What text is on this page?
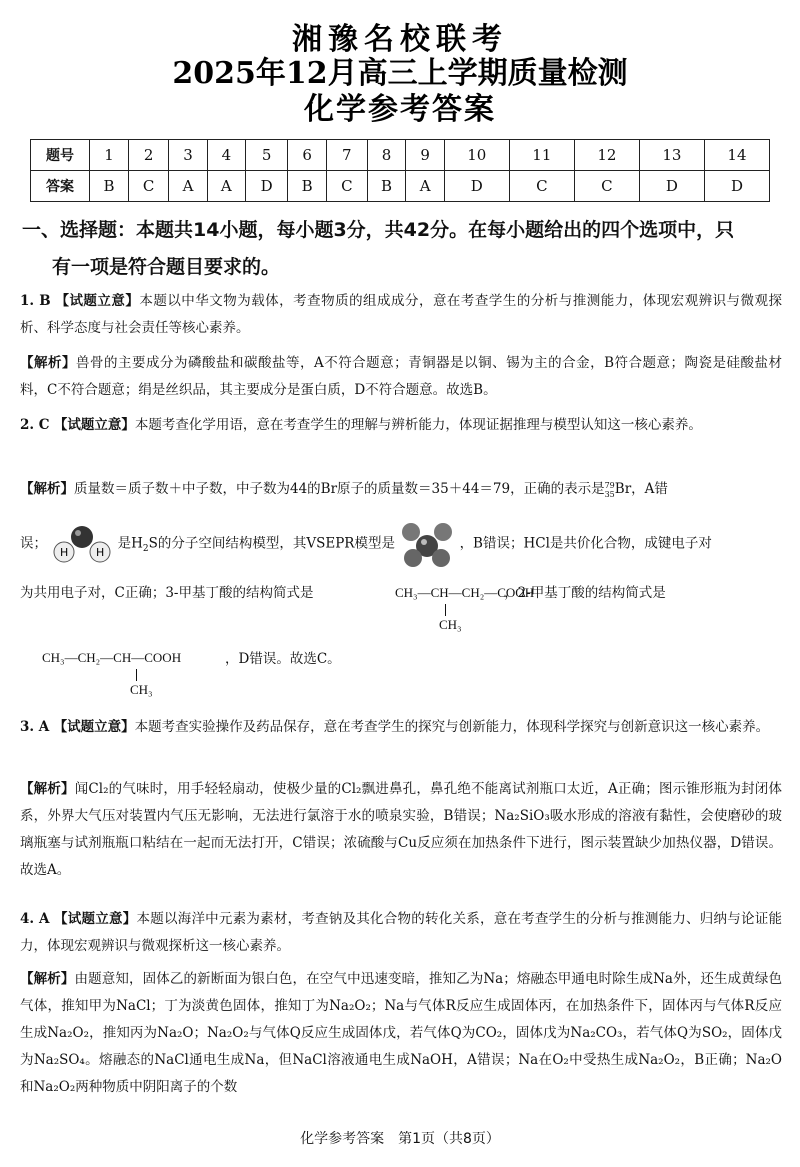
湘豫名校联考
2025年12月高三上学期质量检测
化学参考答案
题号	1	2	3	4	5	6	7	8	9	10	11	12	13	14
答案	B	C	A	A	D	B	C	B	A	D	C	C	D	D
一、选择题：本题共14小题，每小题3分，共42分。在每小题给出的四个选项中，只
有一项是符合题目要求的。
1. B 【试题立意】本题以中华文物为载体，考查物质的组成成分，意在考查学生的分析与推测能力，体现宏观辨识与微观探析、科学态度与社会责任等核心素养。
【解析】兽骨的主要成分为磷酸盐和碳酸盐等，A不符合题意；青铜器是以铜、锡为主的合金，B符合题意；陶瓷是硅酸盐材料，C不符合题意；绢是丝织品，其主要成分是蛋白质，D不符合题意。故选B。
2. C 【试题立意】本题考查化学用语，意在考查学生的理解与辨析能力，体现证据推理与模型认知这一核心素养。
【解析】质量数＝质子数＋中子数，中子数为44的Br原子的质量数＝35＋44＝79，正确的表示是79
35Br，A错
误；
H	H
是$H_2S$的分子空间结构模型，其VSEPR模型是	，B错误；HCl是共价化合物，成键电子对
为共用电子对，C正确；3-甲基丁酸的结构简式是	，2-甲基丁酸的结构简式是
CH₃—CH—CH₂—COOH
CH₃
CH₃—CH₂—CH—COOH
CH₃
，D错误。故选C。
3. A 【试题立意】本题考查实验操作及药品保存，意在考查学生的探究与创新能力，体现科学探究与创新意识这一核心素养。
【解析】闻Cl₂的气味时，用手轻轻扇动，使极少量的Cl₂飘进鼻孔，鼻孔绝不能离试剂瓶口太近，A正确；图示锥形瓶为封闭体系，外界大气压对装置内气压无影响，无法进行氯溶于水的喷泉实验，B错误；Na₂SiO₃吸水形成的溶液有黏性，会使磨砂的玻璃瓶塞与试剂瓶瓶口粘结在一起而无法打开，C错误；浓硫酸与Cu反应须在加热条件下进行，图示装置缺少加热仪器，D错误。故选A。
4. A 【试题立意】本题以海洋中元素为素材，考查钠及其化合物的转化关系，意在考查学生的分析与推测能力、归纳与论证能力，体现宏观辨识与微观探析这一核心素养。
【解析】由题意知，固体乙的新断面为银白色，在空气中迅速变暗，推知乙为Na；熔融态甲通电时除生成Na外，还生成黄绿色气体，推知甲为NaCl；丁为淡黄色固体，推知丁为Na₂O₂；Na与气体R反应生成固体丙，在加热条件下，固体丙与气体R反应生成Na₂O₂，推知丙为Na₂O；Na₂O₂与气体Q反应生成固体戊，若气体Q为CO₂，固体戊为Na₂CO₃，若气体Q为SO₂，固体戊为Na₂SO₄。熔融态的NaCl通电生成Na，但NaCl溶液通电生成NaOH，A错误；Na在O₂中受热生成Na₂O₂，B正确；Na₂O和Na₂O₂两种物质中阴阳离子的个数
化学参考答案　第1页（共8页）
